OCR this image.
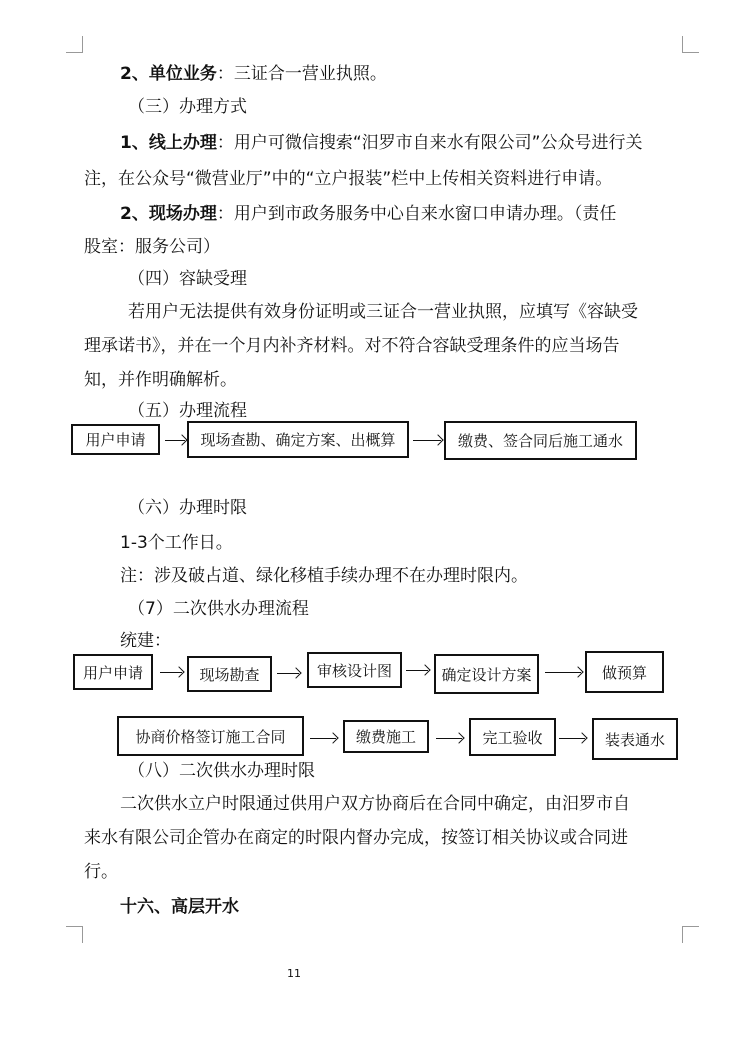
2、单位业务：三证合一营业执照。
（三）办理方式
1、线上办理：用户可微信搜索“汨罗市自来水有限公司”公众号进行关
注，在公众号“微营业厅”中的“立户报装”栏中上传相关资料进行申请。
2、现场办理：用户到市政务服务中心自来水窗口申请办理。（责任
股室：服务公司）
（四）容缺受理
若用户无法提供有效身份证明或三证合一营业执照，应填写《容缺受
理承诺书》，并在一个月内补齐材料。对不符合容缺受理条件的应当场告
知，并作明确解析。
（五）办理流程
用户申请	现场查勘、确定方案、出概算	缴费、签合同后施工通水
（六）办理时限
1-3个工作日。
注：涉及破占道、绿化移植手续办理不在办理时限内。
（7）二次供水办理流程
统建：
用户申请	现场勘查	审核设计图	确定设计方案	做预算
协商价格签订施工合同	缴费施工	完工验收	装表通水
（八）二次供水办理时限
二次供水立户时限通过供用户双方协商后在合同中确定，由汨罗市自
来水有限公司企管办在商定的时限内督办完成，按签订相关协议或合同进
行。
十六、高层开水
11
